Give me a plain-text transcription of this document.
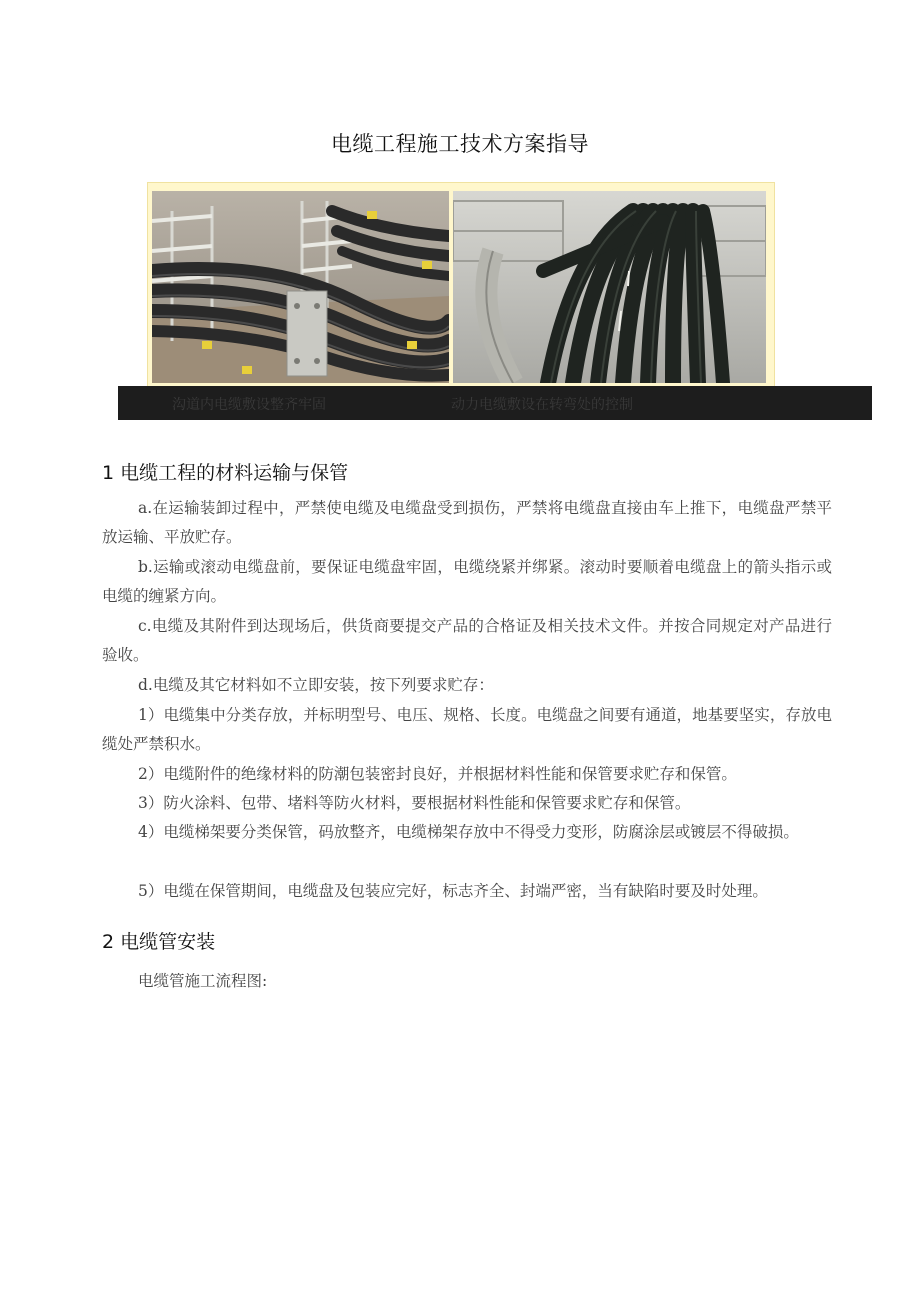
电缆工程施工技术方案指导
沟道内电缆敷设整齐牢固	动力电缆敷设在转弯处的控制
1 电缆工程的材料运输与保管

a.在运输装卸过程中，严禁使电缆及电缆盘受到损伤，严禁将电缆盘直接由车上推下，电缆盘严禁平放运输、平放贮存。

b.运输或滚动电缆盘前，要保证电缆盘牢固，电缆绕紧并绑紧。滚动时要顺着电缆盘上的箭头指示或电缆的缠紧方向。

c.电缆及其附件到达现场后，供货商要提交产品的合格证及相关技术文件。并按合同规定对产品进行验收。

d.电缆及其它材料如不立即安装，按下列要求贮存：

1）电缆集中分类存放，并标明型号、电压、规格、长度。电缆盘之间要有通道，地基要坚实，存放电缆处严禁积水。

2）电缆附件的绝缘材料的防潮包装密封良好，并根据材料性能和保管要求贮存和保管。

3）防火涂料、包带、堵料等防火材料，要根据材料性能和保管要求贮存和保管。

4）电缆梯架要分类保管，码放整齐，电缆梯架存放中不得受力变形，防腐涂层或镀层不得破损。

5）电缆在保管期间，电缆盘及包装应完好，标志齐全、封端严密，当有缺陷时要及时处理。

2 电缆管安装

电缆管施工流程图:
